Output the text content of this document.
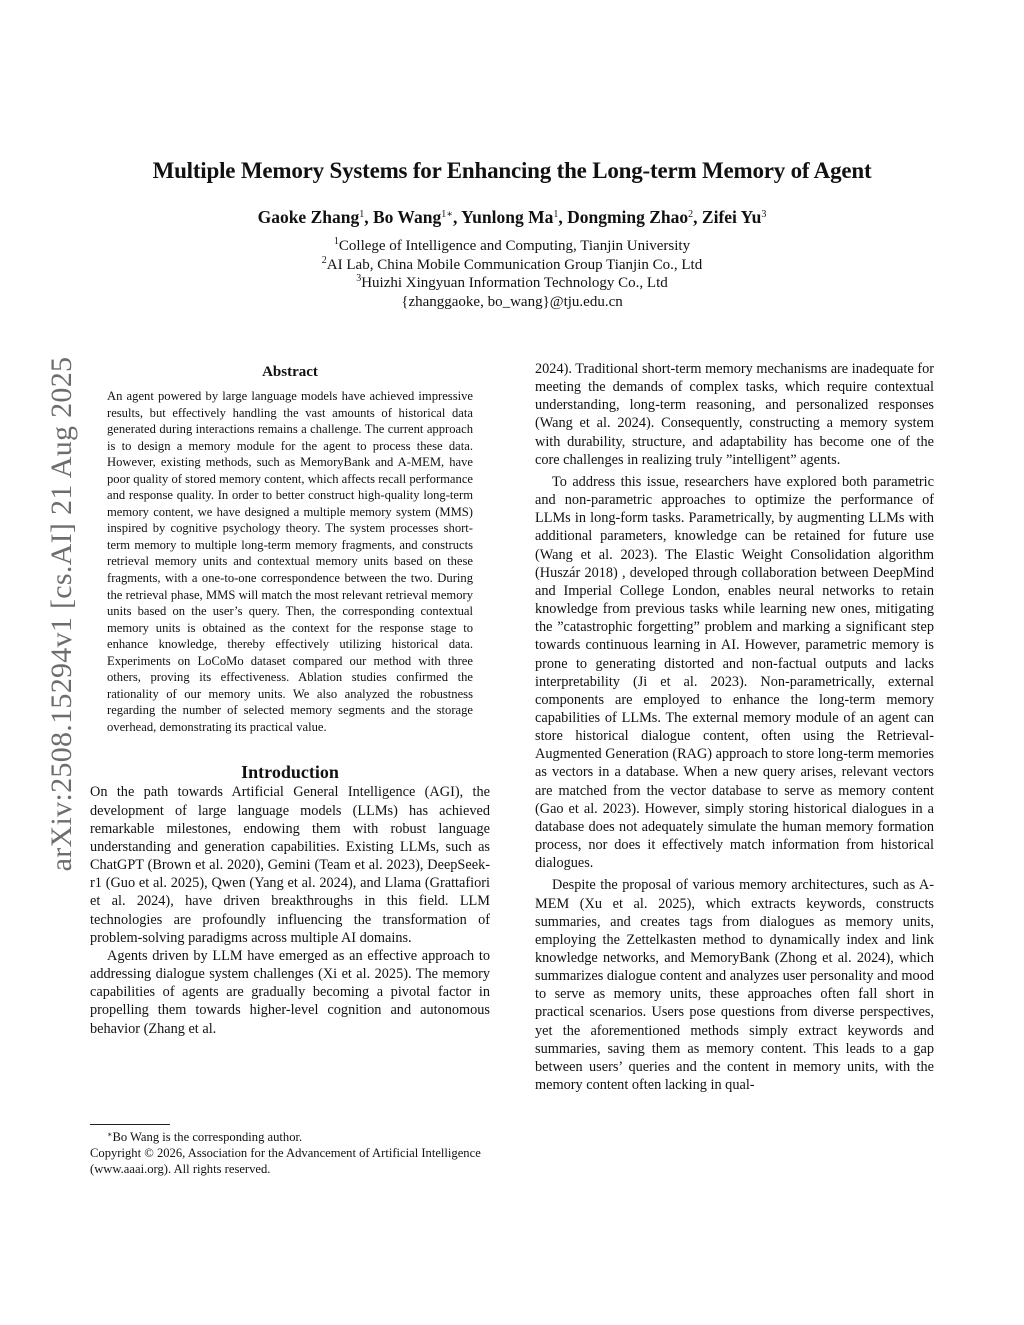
Multiple Memory Systems for Enhancing the Long-term Memory of Agent
Gaoke Zhang$^1$, Bo Wang$^{1∗}$, Yunlong Ma$^1$, Dongming Zhao$^2$, Zifei Yu$^3$
$^1$College of Intelligence and Computing, Tianjin University
$^2$AI Lab, China Mobile Communication Group Tianjin Co., Ltd
$^3$Huizhi Xingyuan Information Technology Co., Ltd
{zhanggaoke, bo_wang}@tju.edu.cn
arXiv:2508.15294v1 [cs.AI] 21 Aug 2025	Abstract

An agent powered by large language models have achieved impressive results, but effectively handling the vast amounts of historical data generated during interactions remains a challenge. The current approach is to design a memory module for the agent to process these data. However, existing methods, such as MemoryBank and A-MEM, have poor quality of stored memory content, which affects recall performance and response quality. In order to better construct high-quality long-term memory content, we have designed a multiple memory system (MMS) inspired by cognitive psychology theory. The system processes short-term memory to multiple long-term memory fragments, and constructs retrieval memory units and contextual memory units based on these fragments, with a one-to-one correspondence between the two. During the retrieval phase, MMS will match the most relevant retrieval memory units based on the user’s query. Then, the corresponding contextual memory units is obtained as the context for the response stage to enhance knowledge, thereby effectively utilizing historical data. Experiments on LoCoMo dataset compared our method with three others, proving its effectiveness. Ablation studies confirmed the rationality of our memory units. We also analyzed the robustness regarding the number of selected memory segments and the storage overhead, demonstrating its practical value.

Introduction

On the path towards Artificial General Intelligence (AGI), the development of large language models (LLMs) has achieved remarkable milestones, endowing them with robust language understanding and generation capabilities. Existing LLMs, such as ChatGPT (Brown et al. 2020), Gemini (Team et al. 2023), DeepSeek-r1 (Guo et al. 2025), Qwen (Yang et al. 2024), and Llama (Grattafiori et al. 2024), have driven breakthroughs in this field. LLM technologies are profoundly influencing the transformation of problem-solving paradigms across multiple AI domains.

Agents driven by LLM have emerged as an effective approach to addressing dialogue system challenges (Xi et al. 2025). The memory capabilities of agents are gradually becoming a pivotal factor in propelling them towards higher-level cognition and autonomous behavior (Zhang et al.

∗Bo Wang is the corresponding author.

Copyright © 2026, Association for the Advancement of Artificial Intelligence (www.aaai.org). All rights reserved.

2024). Traditional short-term memory mechanisms are inadequate for meeting the demands of complex tasks, which require contextual understanding, long-term reasoning, and personalized responses (Wang et al. 2024). Consequently, constructing a memory system with durability, structure, and adaptability has become one of the core challenges in realizing truly ”intelligent” agents.

To address this issue, researchers have explored both parametric and non-parametric approaches to optimize the performance of LLMs in long-form tasks. Parametrically, by augmenting LLMs with additional parameters, knowledge can be retained for future use (Wang et al. 2023). The Elastic Weight Consolidation algorithm (Huszár 2018) , developed through collaboration between DeepMind and Imperial College London, enables neural networks to retain knowledge from previous tasks while learning new ones, mitigating the ”catastrophic forgetting” problem and marking a significant step towards continuous learning in AI. However, parametric memory is prone to generating distorted and non-factual outputs and lacks interpretability (Ji et al. 2023). Non-parametrically, external components are employed to enhance the long-term memory capabilities of LLMs. The external memory module of an agent can store historical dialogue content, often using the Retrieval-Augmented Generation (RAG) approach to store long-term memories as vectors in a database. When a new query arises, relevant vectors are matched from the vector database to serve as memory content (Gao et al. 2023). However, simply storing historical dialogues in a database does not adequately simulate the human memory formation process, nor does it effectively match information from historical dialogues.

Despite the proposal of various memory architectures, such as A-MEM (Xu et al. 2025), which extracts keywords, constructs summaries, and creates tags from dialogues as memory units, employing the Zettelkasten method to dynamically index and link knowledge networks, and MemoryBank (Zhong et al. 2024), which summarizes dialogue content and analyzes user personality and mood to serve as memory units, these approaches often fall short in practical scenarios. Users pose questions from diverse perspectives, yet the aforementioned methods simply extract keywords and summaries, saving them as memory content. This leads to a gap between users’ queries and the content in memory units, with the memory content often lacking in qual-
